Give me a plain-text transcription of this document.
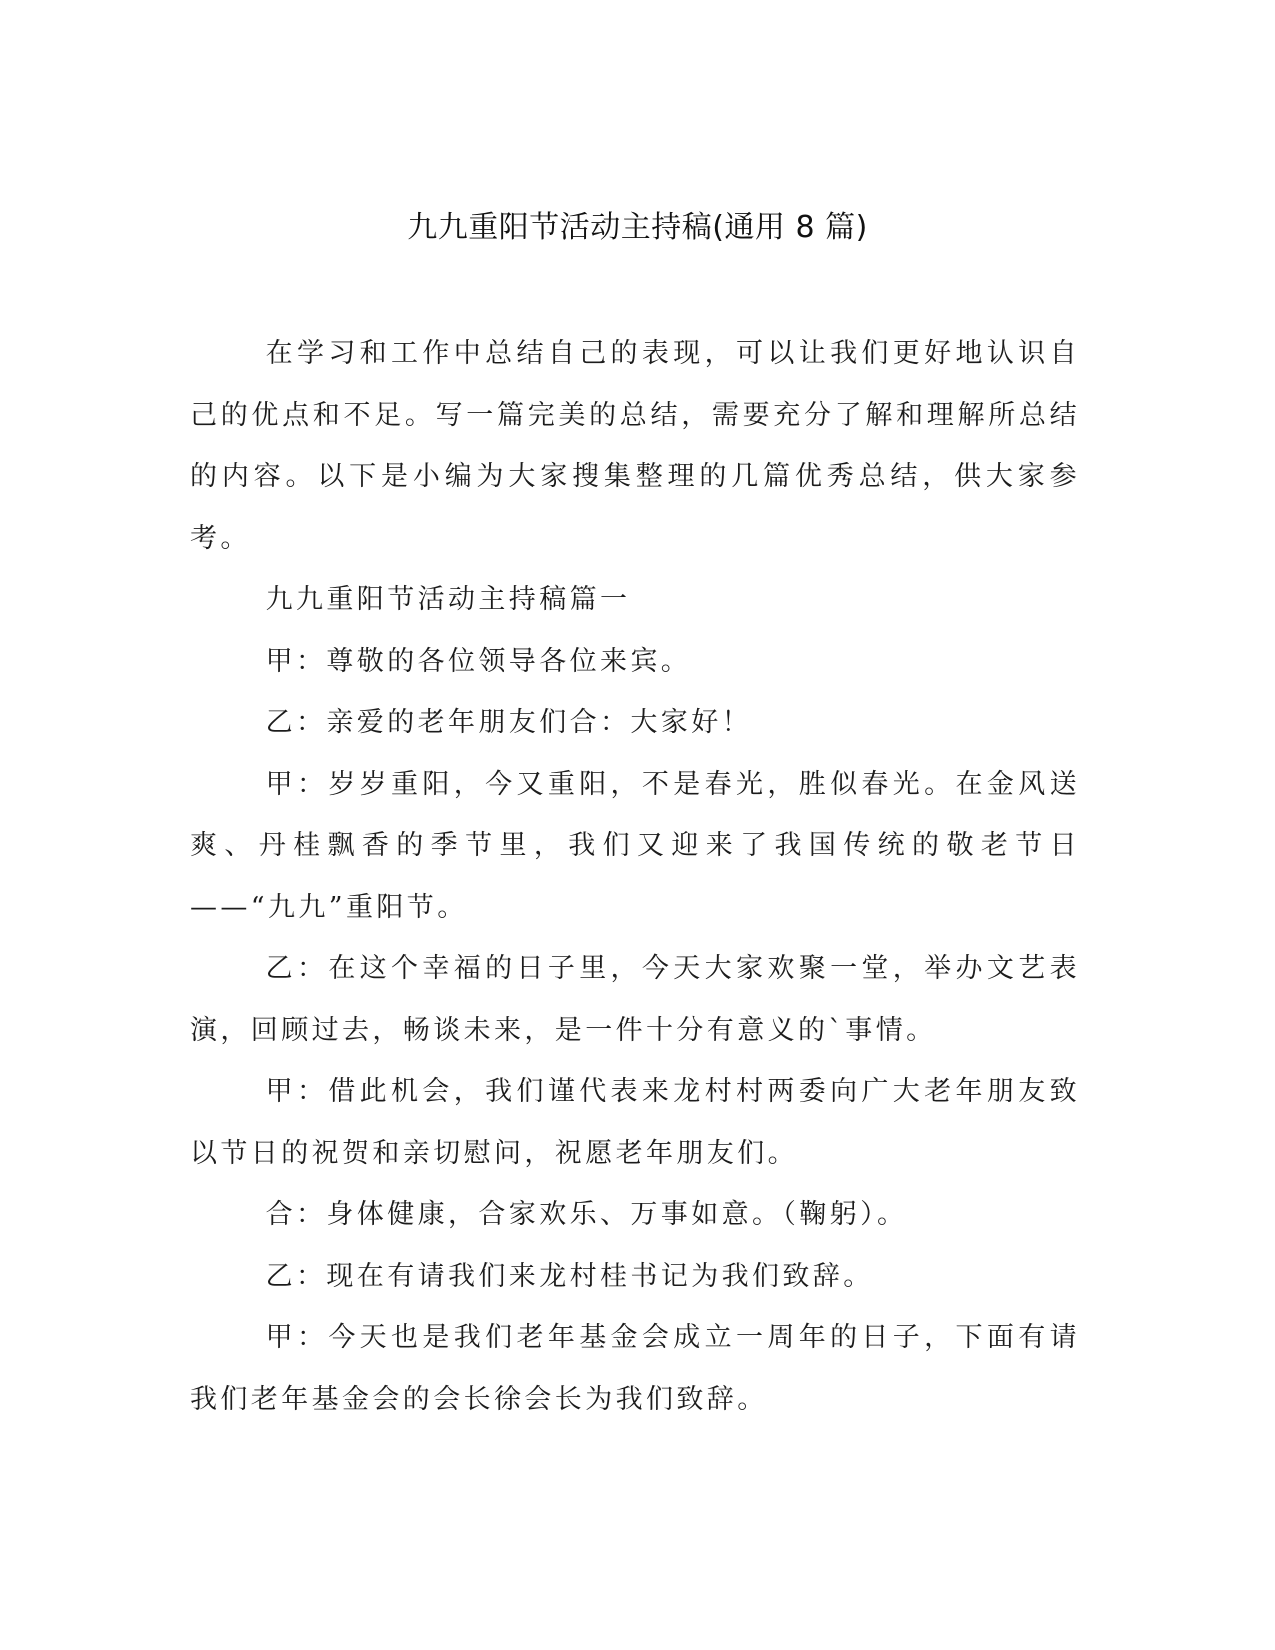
九九重阳节活动主持稿(通用 8 篇)

在学习和工作中总结自己的表现，可以让我们更好地认识自己的优点和不足。写一篇完美的总结，需要充分了解和理解所总结的内容。以下是小编为大家搜集整理的几篇优秀总结，供大家参考。

九九重阳节活动主持稿篇一

甲：尊敬的各位领导各位来宾。

乙：亲爱的老年朋友们合：大家好！

甲：岁岁重阳，今又重阳，不是春光，胜似春光。在金风送爽、丹桂飘香的季节里，我们又迎来了我国传统的敬老节日——“九九”重阳节。

乙：在这个幸福的日子里，今天大家欢聚一堂，举办文艺表演，回顾过去，畅谈未来，是一件十分有意义的`事情。

甲：借此机会，我们谨代表来龙村村两委向广大老年朋友致以节日的祝贺和亲切慰问，祝愿老年朋友们。

合：身体健康，合家欢乐、万事如意。（鞠躬）。

乙：现在有请我们来龙村桂书记为我们致辞。

甲：今天也是我们老年基金会成立一周年的日子，下面有请我们老年基金会的会长徐会长为我们致辞。
